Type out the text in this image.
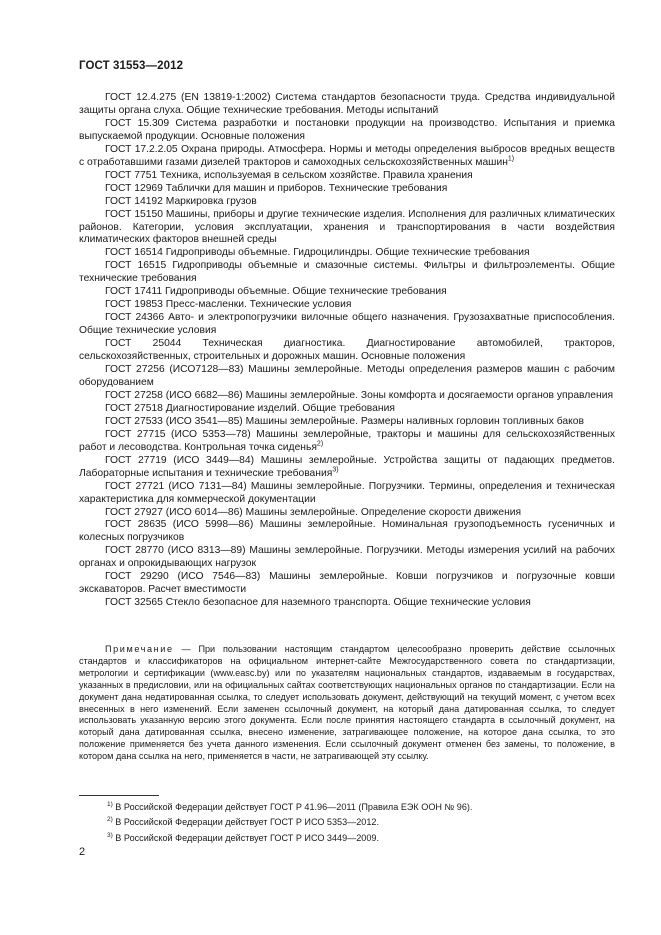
ГОСТ 31553—2012
ГОСТ 12.4.275 (EN 13819-1:2002) Система стандартов безопасности труда. Средства индивидуальной защиты органа слуха. Общие технические требования. Методы испытаний
ГОСТ 15.309 Система разработки и постановки продукции на производство. Испытания и приемка выпускаемой продукции. Основные положения
ГОСТ 17.2.2.05 Охрана природы. Атмосфера. Нормы и методы определения выбросов вредных веществ с отработавшими газами дизелей тракторов и самоходных сельскохозяйственных машин$^{1)}$
ГОСТ 7751 Техника, используемая в сельском хозяйстве. Правила хранения
ГОСТ 12969 Таблички для машин и приборов. Технические требования
ГОСТ 14192 Маркировка грузов
ГОСТ 15150 Машины, приборы и другие технические изделия. Исполнения для различных климатических районов. Категории, условия эксплуатации, хранения и транспортирования в части воздействия климатических факторов внешней среды
ГОСТ 16514 Гидроприводы объемные. Гидроцилиндры. Общие технические требования
ГОСТ 16515 Гидроприводы объемные и смазочные системы. Фильтры и фильтроэлементы. Общие технические требования
ГОСТ 17411 Гидроприводы объемные. Общие технические требования
ГОСТ 19853 Пресс-масленки. Технические условия
ГОСТ 24366 Авто- и электропогрузчики вилочные общего назначения. Грузозахватные приспособления. Общие технические условия
ГОСТ 25044 Техническая диагностика. Диагностирование автомобилей, тракторов, сельскохозяйственных, строительных и дорожных машин. Основные положения
ГОСТ 27256 (ИСО7128—83) Машины землеройные. Методы определения размеров машин с рабочим оборудованием
ГОСТ 27258 (ИСО 6682—86) Машины землеройные. Зоны комфорта и досягаемости органов управления
ГОСТ 27518 Диагностирование изделий. Общие требования
ГОСТ 27533 (ИСО 3541—85) Машины землеройные. Размеры наливных горловин топливных баков
ГОСТ 27715 (ИСО 5353—78) Машины землеройные, тракторы и машины для сельскохозяйственных работ и лесоводства. Контрольная точка сиденья$^{2)}$
ГОСТ 27719 (ИСО 3449—84) Машины землеройные. Устройства защиты от падающих предметов. Лабораторные испытания и технические требования$^{3)}$
ГОСТ 27721 (ИСО 7131—84) Машины землеройные. Погрузчики. Термины, определения и техническая характеристика для коммерческой документации
ГОСТ 27927 (ИСО 6014—86) Машины землеройные. Определение скорости движения
ГОСТ 28635 (ИСО 5998—86) Машины землеройные. Номинальная грузоподъемность гусеничных и колесных погрузчиков
ГОСТ 28770 (ИСО 8313—89) Машины землеройные. Погрузчики. Методы измерения усилий на рабочих органах и опрокидывающих нагрузок
ГОСТ 29290 (ИСО 7546—83) Машины землеройные. Ковши погрузчиков и погрузочные ковши экскаваторов. Расчет вместимости
ГОСТ 32565 Стекло безопасное для наземного транспорта. Общие технические условия
Примечание — При пользовании настоящим стандартом целесообразно проверить действие ссылочных стандартов и классификаторов на официальном интернет-сайте Межгосударственного совета по стандартизации, метрологии и сертификации (www.easc.by) или по указателям национальных стандартов, издаваемым в государствах, указанных в предисловии, или на официальных сайтах соответствующих национальных органов по стандартизации. Если на документ дана недатированная ссылка, то следует использовать документ, действующий на текущий момент, с учетом всех внесенных в него изменений. Если заменен ссылочный документ, на который дана датированная ссылка, то следует использовать указанную версию этого документа. Если после принятия настоящего стандарта в ссылочный документ, на который дана датированная ссылка, внесено изменение, затрагивающее положение, на которое дана ссылка, то это положение применяется без учета данного изменения. Если ссылочный документ отменен без замены, то положение, в котором дана ссылка на него, применяется в части, не затрагивающей эту ссылку.
$^{1)}$ В Российской Федерации действует ГОСТ Р 41.96—2011 (Правила ЕЭК ООН № 96).
$^{2)}$ В Российской Федерации действует ГОСТ Р ИСО 5353—2012.
$^{3)}$ В Российской Федерации действует ГОСТ Р ИСО 3449—2009.
2
